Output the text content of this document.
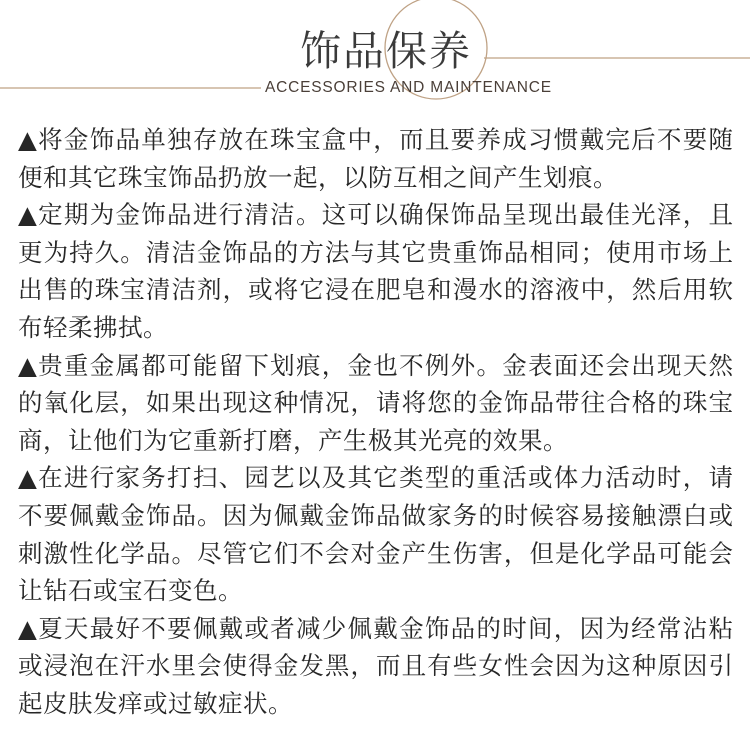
饰品保养
ACCESSORIES AND MAINTENANCE
▲将金饰品单独存放在珠宝盒中，而且要养成习惯戴完后不要随
便和其它珠宝饰品扔放一起，以防互相之间产生划痕。
▲定期为金饰品进行清洁。这可以确保饰品呈现出最佳光泽，且
更为持久。清洁金饰品的方法与其它贵重饰品相同；使用市场上
出售的珠宝清洁剂，或将它浸在肥皂和漫水的溶液中，然后用软
布轻柔拂拭。
▲贵重金属都可能留下划痕，金也不例外。金表面还会出现天然
的氧化层，如果出现这种情况，请将您的金饰品带往合格的珠宝
商，让他们为它重新打磨，产生极其光亮的效果。
▲在进行家务打扫、园艺以及其它类型的重活或体力活动时，请
不要佩戴金饰品。因为佩戴金饰品做家务的时候容易接触漂白或
刺激性化学品。尽管它们不会对金产生伤害，但是化学品可能会
让钻石或宝石变色。
▲夏天最好不要佩戴或者减少佩戴金饰品的时间，因为经常沾粘
或浸泡在汗水里会使得金发黑，而且有些女性会因为这种原因引
起皮肤发痒或过敏症状。
